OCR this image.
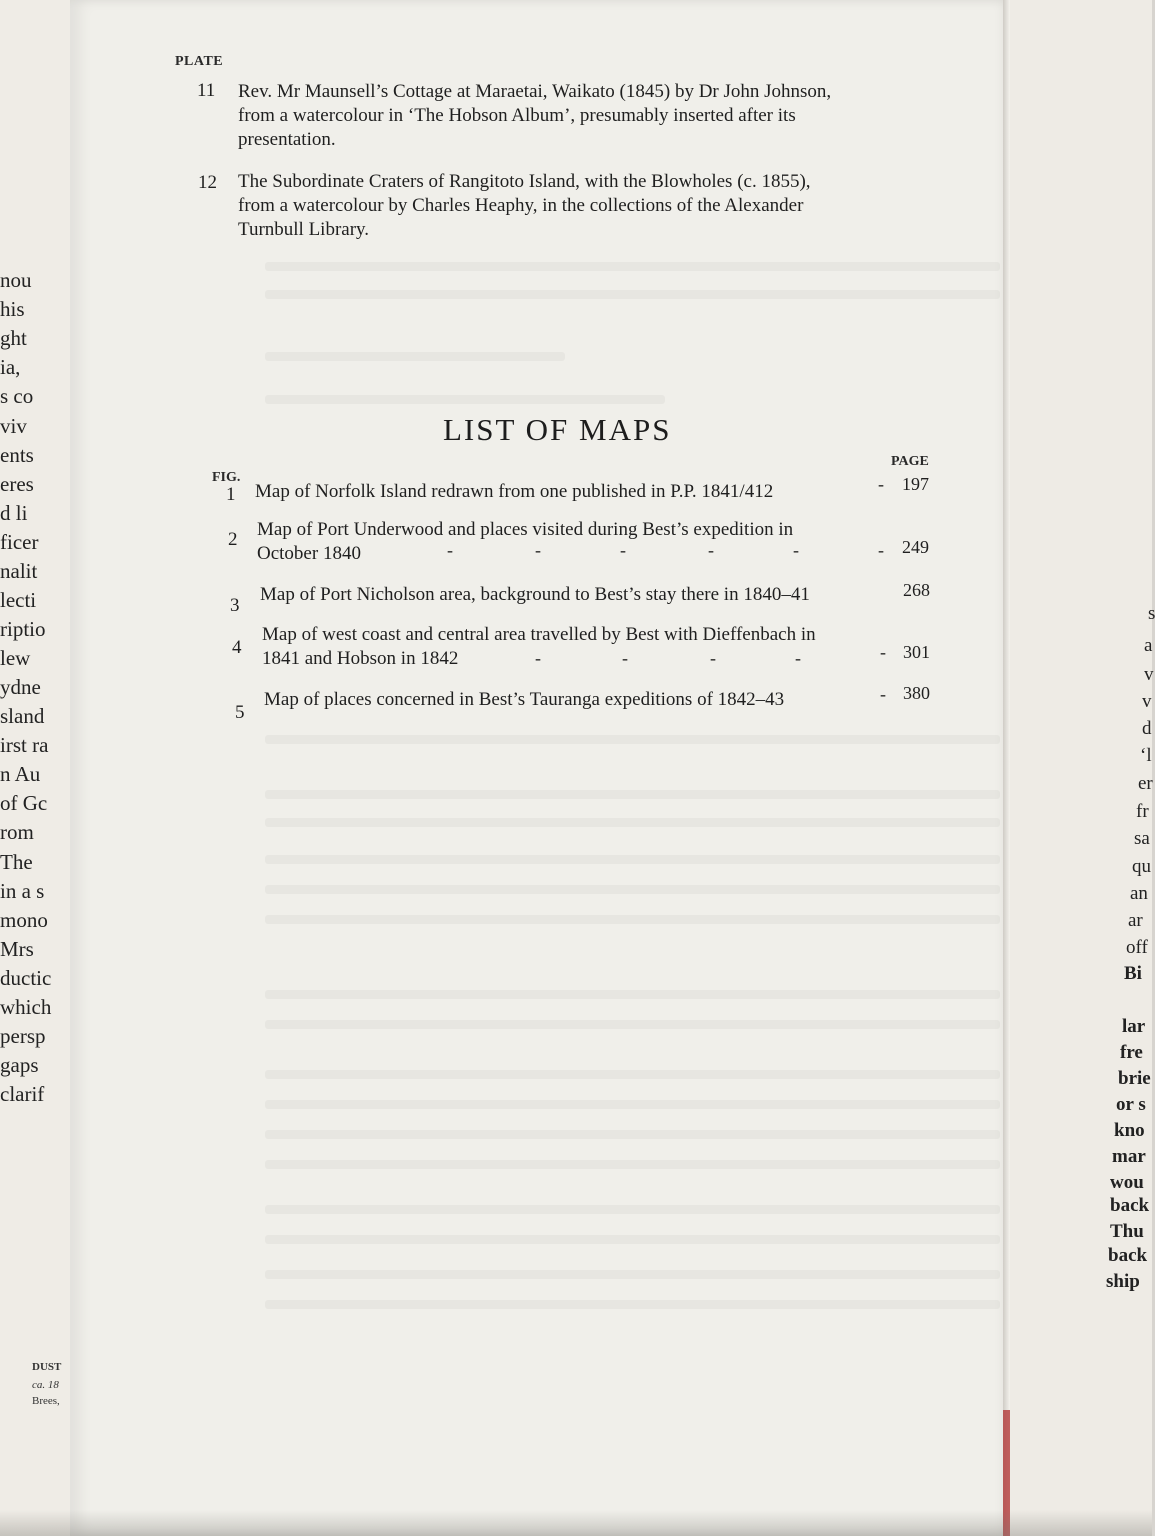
nou
his
ght
ia,
s co
viv
ents
eres
d li
ficer
nalit
lecti
riptio
lew
ydne
sland
irst ra
n Au
of Gc
rom
The
in a s
mono
Mrs
ductic
which
persp
gaps
clarif
DUST
ca. 18
Brees,
PLATE
11 Rev. Mr Maunsell’s Cottage at Maraetai, Waikato (1845) by Dr John Johnson,
from a watercolour in ‘The Hobson Album’, presumably inserted after its
presentation.
12 The Subordinate Craters of Rangitoto Island, with the Blowholes (c. 1855),
from a watercolour by Charles Heaphy, in the collections of the Alexander
Turnbull Library.
LIST OF MAPS
FIG.
PAGE
1 Map of Norfolk Island redrawn from one published in P.P. 1841/412	- 197
2 Map of Port Underwood and places visited during Best’s expedition in
October 1840	-	-	-	-	-	- 249
3
Map of Port Nicholson area, background to Best’s stay there in 1840–41	268
4
Map of west coast and central area travelled by Best with Dieffenbach in
1841 and Hobson in 1842	-	-	-	-	- 301
5
Map of places concerned in Best’s Tauranga expeditions of 1842–43	- 380
s
a
v
v
d
‘l
er
fr
sa
qu
an
ar
off
Bi
lar
fre
brie
or s
kno
mar
wou
back
Thu
back
ship
